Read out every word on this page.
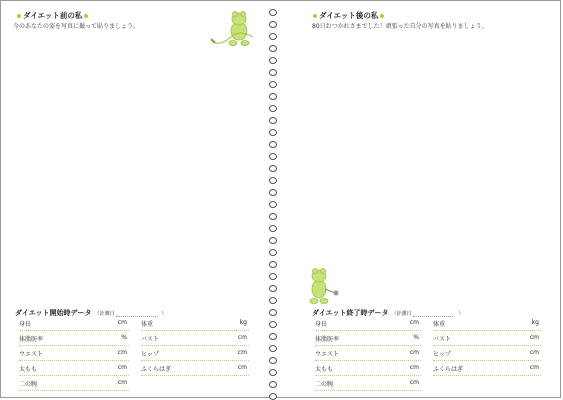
ダイエット前の私
今のあなたの姿を写真に撮って貼りましょう。
ダイエット開始時データ （計測日	）
身長	cm
体脂肪率	%
ウエスト	cm
太もも	cm
二の腕	cm
体重	kg
バスト	cm
ヒップ	cm
ふくらはぎ	cm
ダイエット後の私
80日おつかれさまでした！頑張った自分の写真を貼りましょう。
ダイエット終了時データ （計測日	）
身長	cm
体脂肪率	%
ウエスト	cm
太もも	cm
二の腕	cm
体重	kg
バスト	cm
ヒップ	cm
ふくらはぎ	cm
